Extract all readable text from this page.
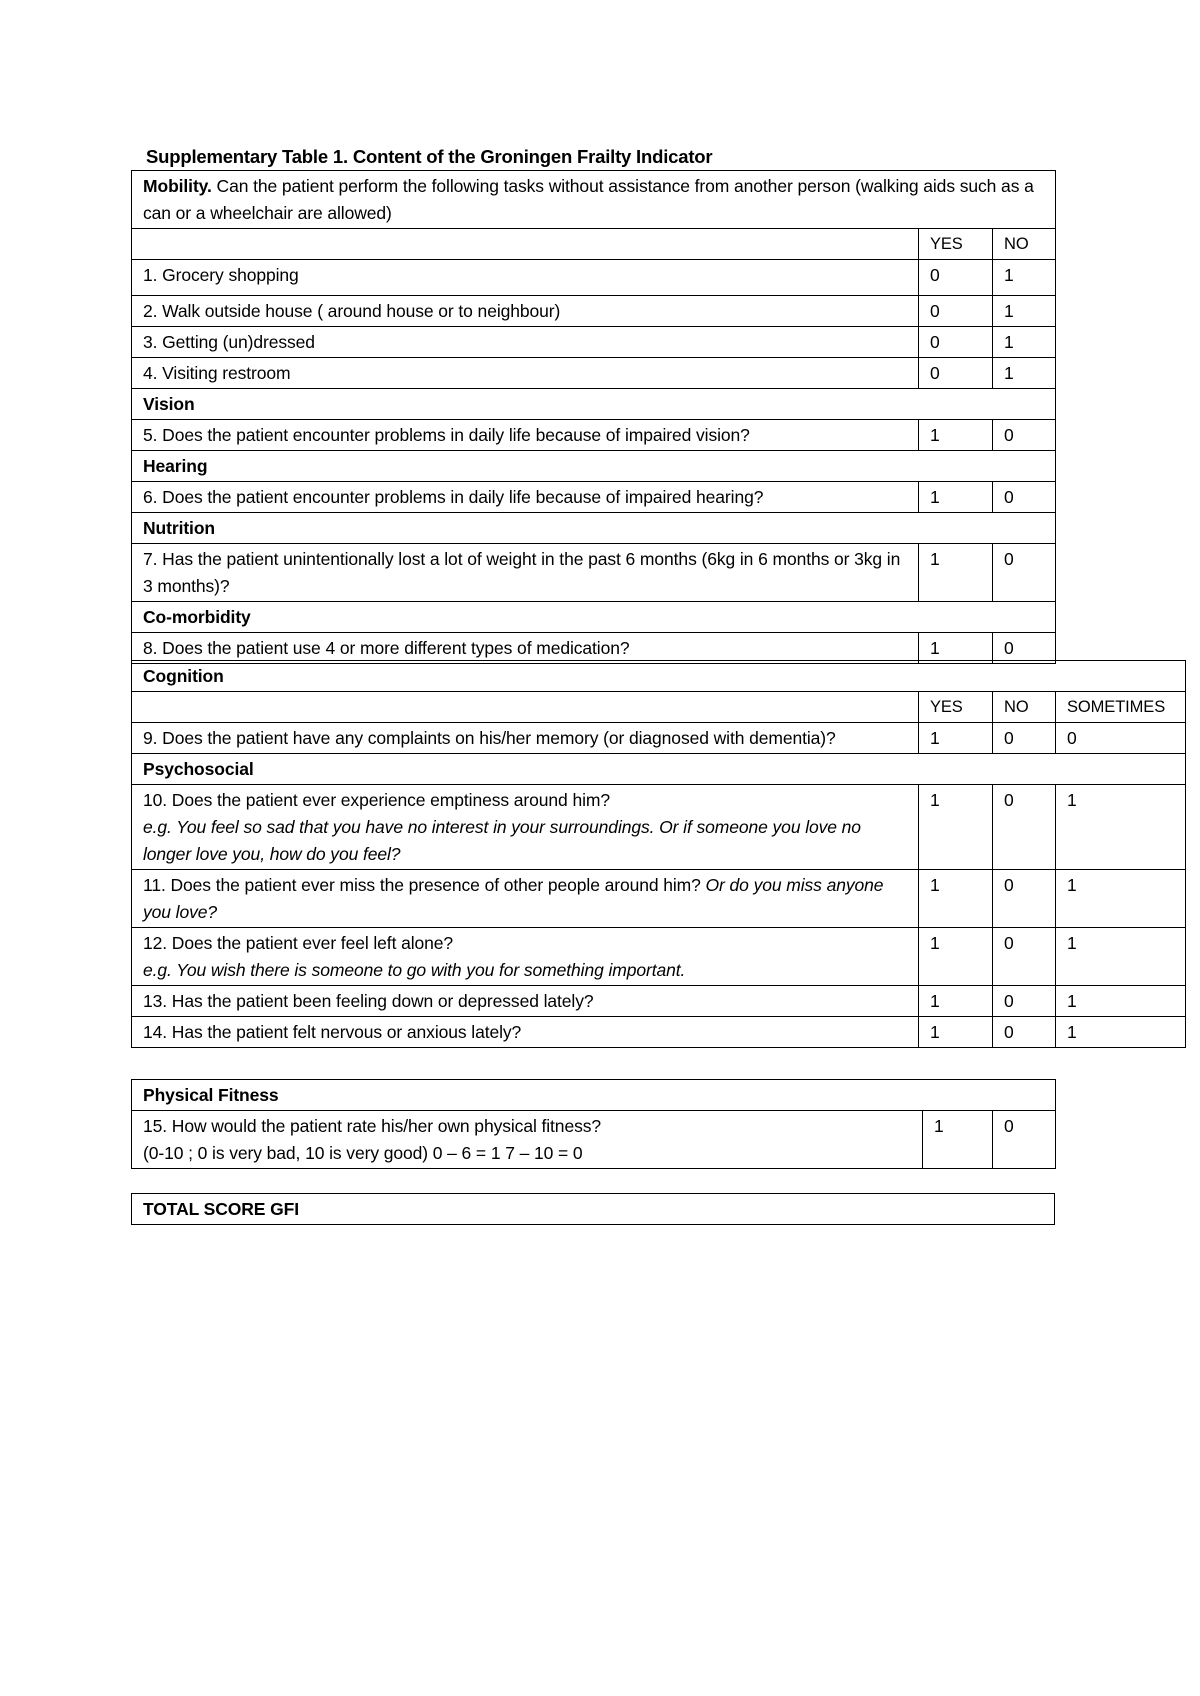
Supplementary Table 1. Content of the Groningen Frailty Indicator
Mobility. Can the patient perform the following tasks without assistance from another person (walking aids such as a can or a wheelchair are allowed)		
	YES	NO
1. Grocery shopping	0	1
2. Walk outside house ( around house or to neighbour)	0	1
3. Getting (un)dressed	0	1
4. Visiting restroom	0	1
Vision		
5. Does the patient encounter problems in daily life because of impaired vision?	1	0
Hearing		
6. Does the patient encounter problems in daily life because of impaired hearing?	1	0
Nutrition		
7. Has the patient unintentionally lost a lot of weight in the past 6 months (6kg in 6 months or 3kg in 3 months)?	1	0
Co-morbidity		
8. Does the patient use 4 or more different types of medication?	1	0
Cognition			
	YES	NO	SOMETIMES
9. Does the patient have any complaints on his/her memory (or diagnosed with dementia)?	1	0	0
Psychosocial			
10. Does the patient ever experience emptiness around him?
e.g. You feel so sad that you have no interest in your surroundings. Or if someone you love no longer love you, how do you feel?	1	0	1
11. Does the patient ever miss the presence of other people around him? Or do you miss anyone you love?	1	0	1
12. Does the patient ever feel left alone?
e.g. You wish there is someone to go with you for something important.	1	0	1
13. Has the patient been feeling down or depressed lately?	1	0	1
14. Has the patient felt nervous or anxious lately?	1	0	1
Physical Fitness
15. How would the patient rate his/her own physical fitness?
(0-10 ; 0 is very bad, 10 is very good) 0 – 6 = 1 7 – 10 = 0	1	0
TOTAL SCORE GFI
